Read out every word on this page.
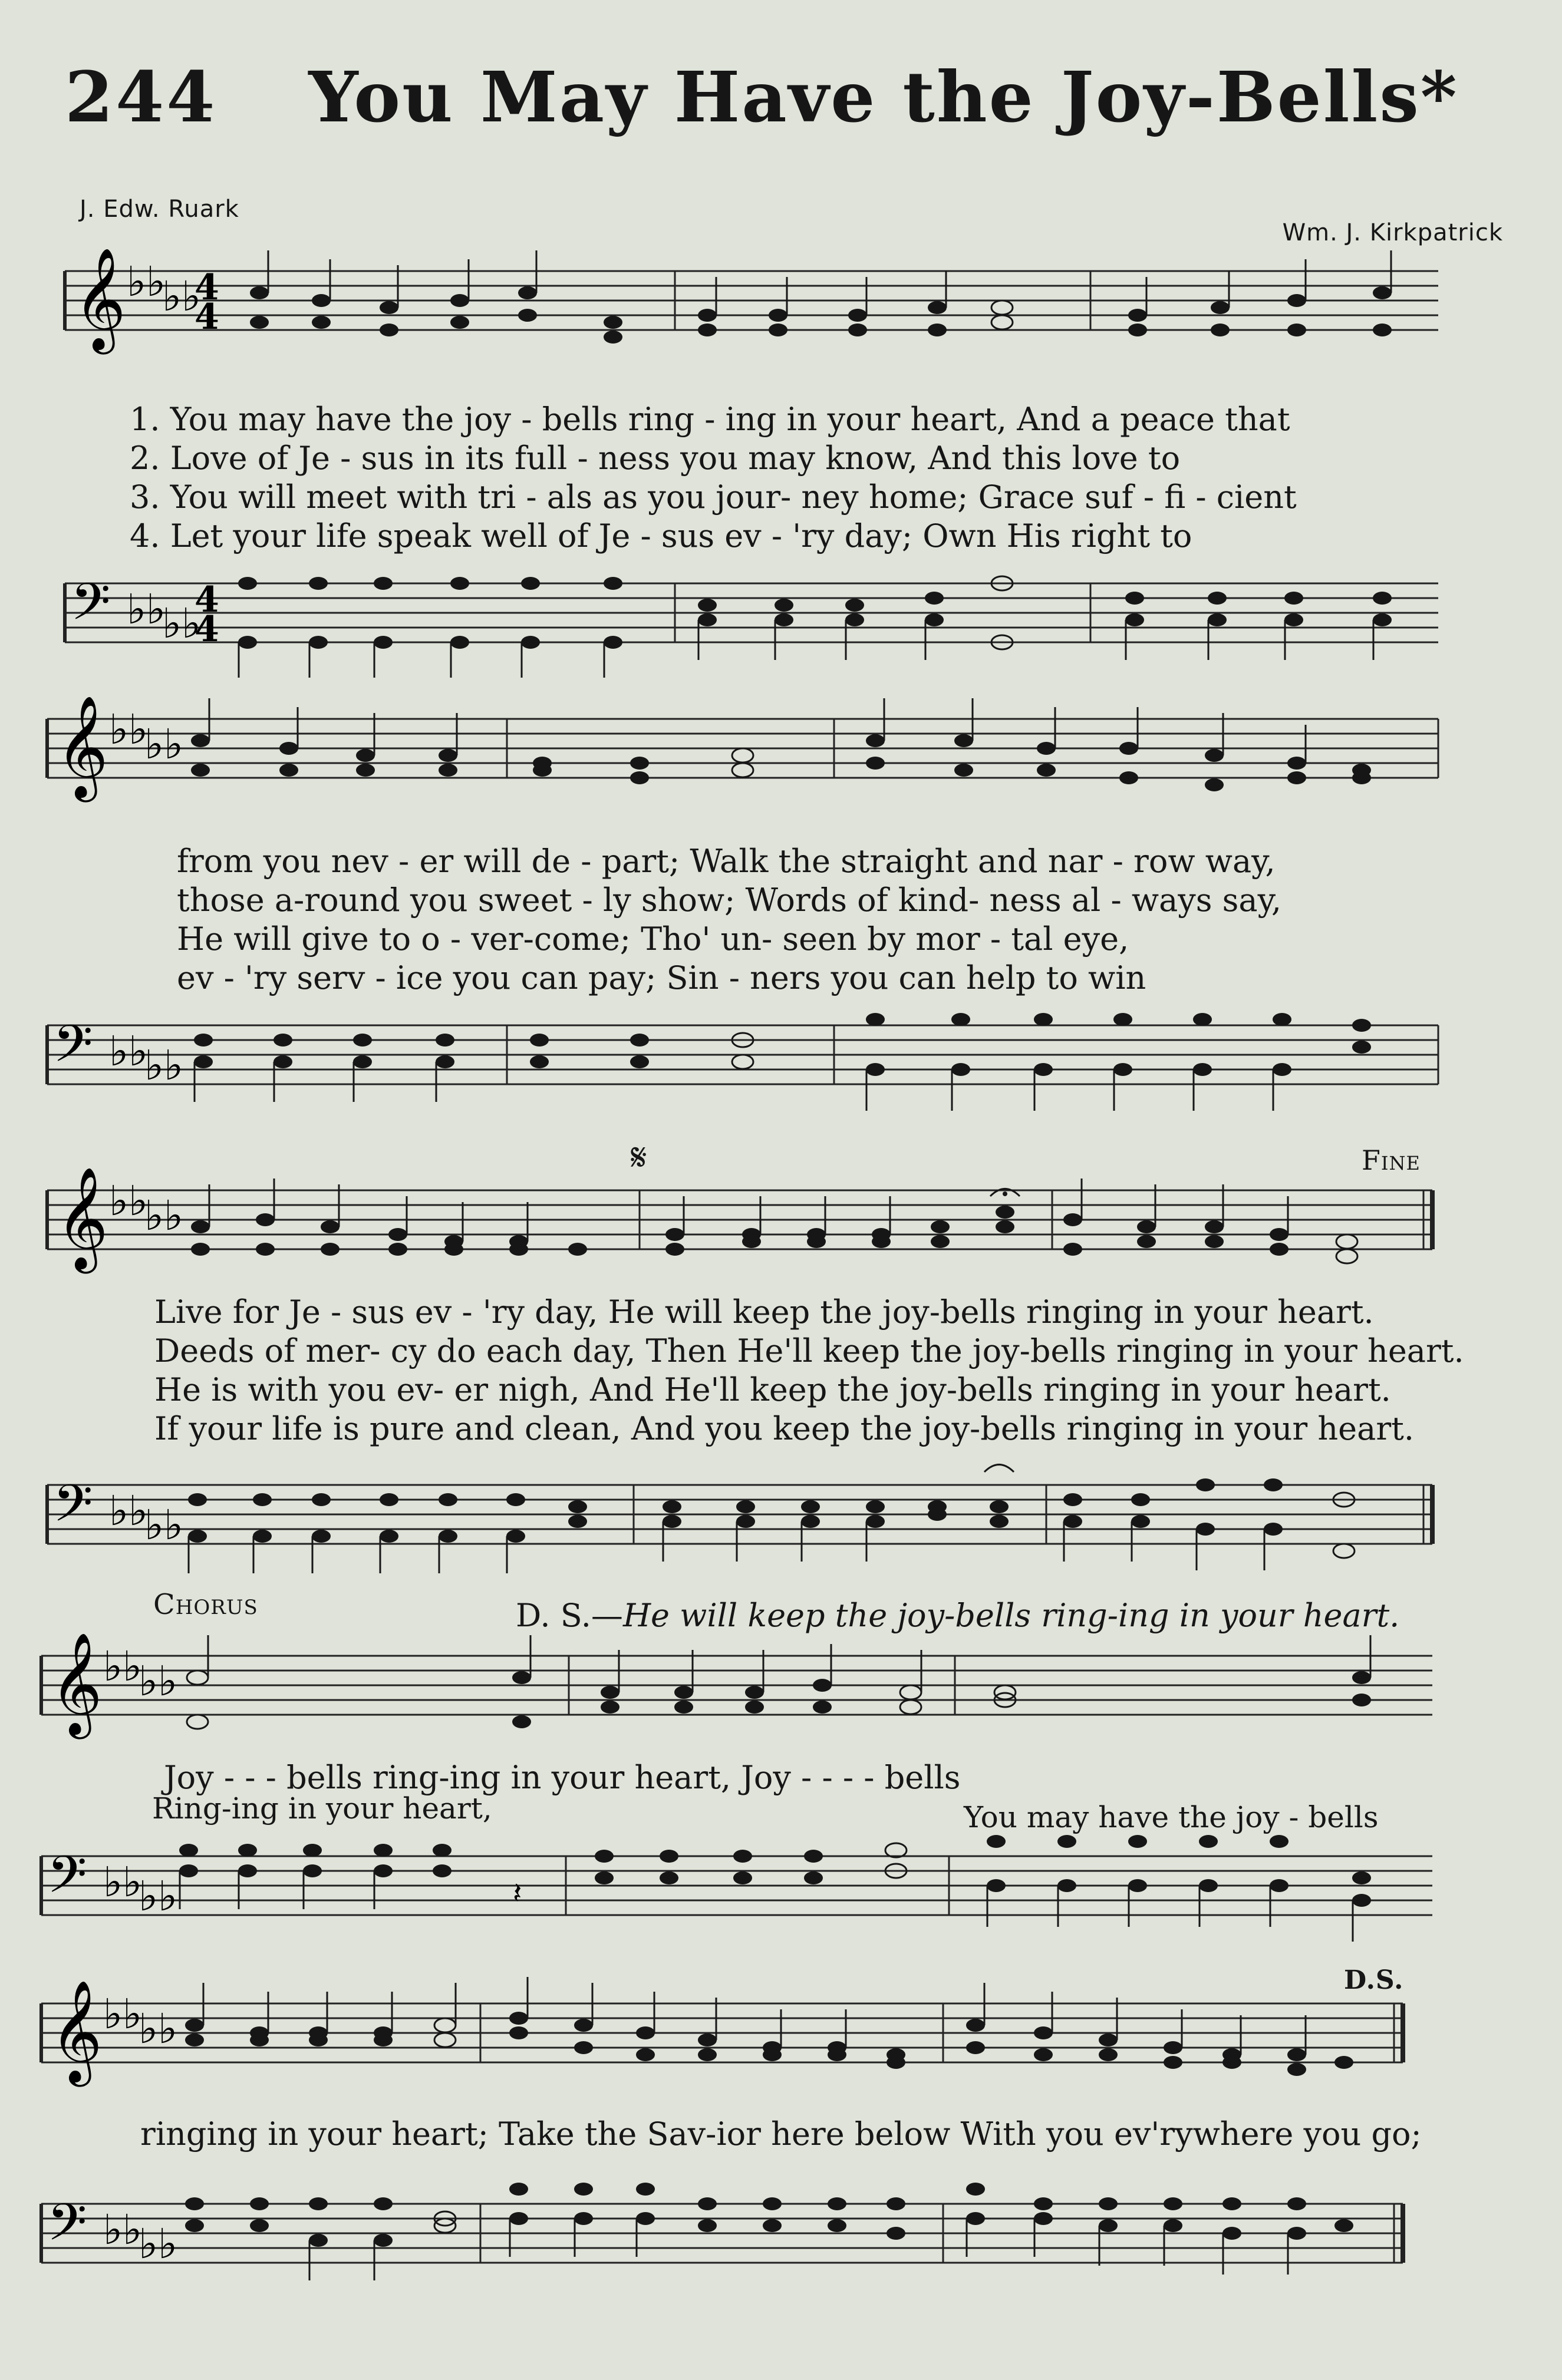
244 You May Have the Joy-Bells*
J. Edw. Ruark
Wm. J. Kirkpatrick
𝄞 ♭♭
♭♭
4
4
1. You may have the joy - bells ring - ing in your heart, And a peace that
2. Love of Je - sus in its full - ness you may know, And this love to
3. You will meet with tri - als as you jour- ney home; Grace suf - fi - cient
4. Let your life speak well of Je - sus ev - 'ry day; Own His right to
𝄢 ♭♭
♭♭
4
4
𝄞 ♭♭
♭♭
from you nev - er will de - part; Walk the straight and nar - row way,
those a-round you sweet - ly show; Words of kind- ness al - ways say,
He will give to o - ver-come; Tho' un- seen by mor - tal eye,
ev - 'ry serv - ice you can pay; Sin - ners you can help to win
𝄢 ♭♭
♭♭
𝄋	Fine
𝄞 ♭♭
♭♭
Live for Je - sus ev - 'ry day, He will keep the joy-bells ringing in your heart.
Deeds of mer- cy do each day, Then He'll keep the joy-bells ringing in your heart.
He is with you ev- er nigh, And He'll keep the joy-bells ringing in your heart.
If your life is pure and clean, And you keep the joy-bells ringing in your heart.
𝄢 ♭♭
♭♭
Chorus	D. S.—He will keep the joy-bells ring-ing in your heart.
𝄞 ♭♭
♭♭
Joy - - - bells ring-ing in your heart, Joy - - - - bells
Ring-ing in your heart,	You may have the joy - bells
𝄢 ♭♭
♭♭	𝄽
D.S.
𝄞 ♭♭
♭♭
ringing in your heart; Take the Sav-ior here below With you ev'rywhere you go;
𝄢 ♭♭
♭♭
